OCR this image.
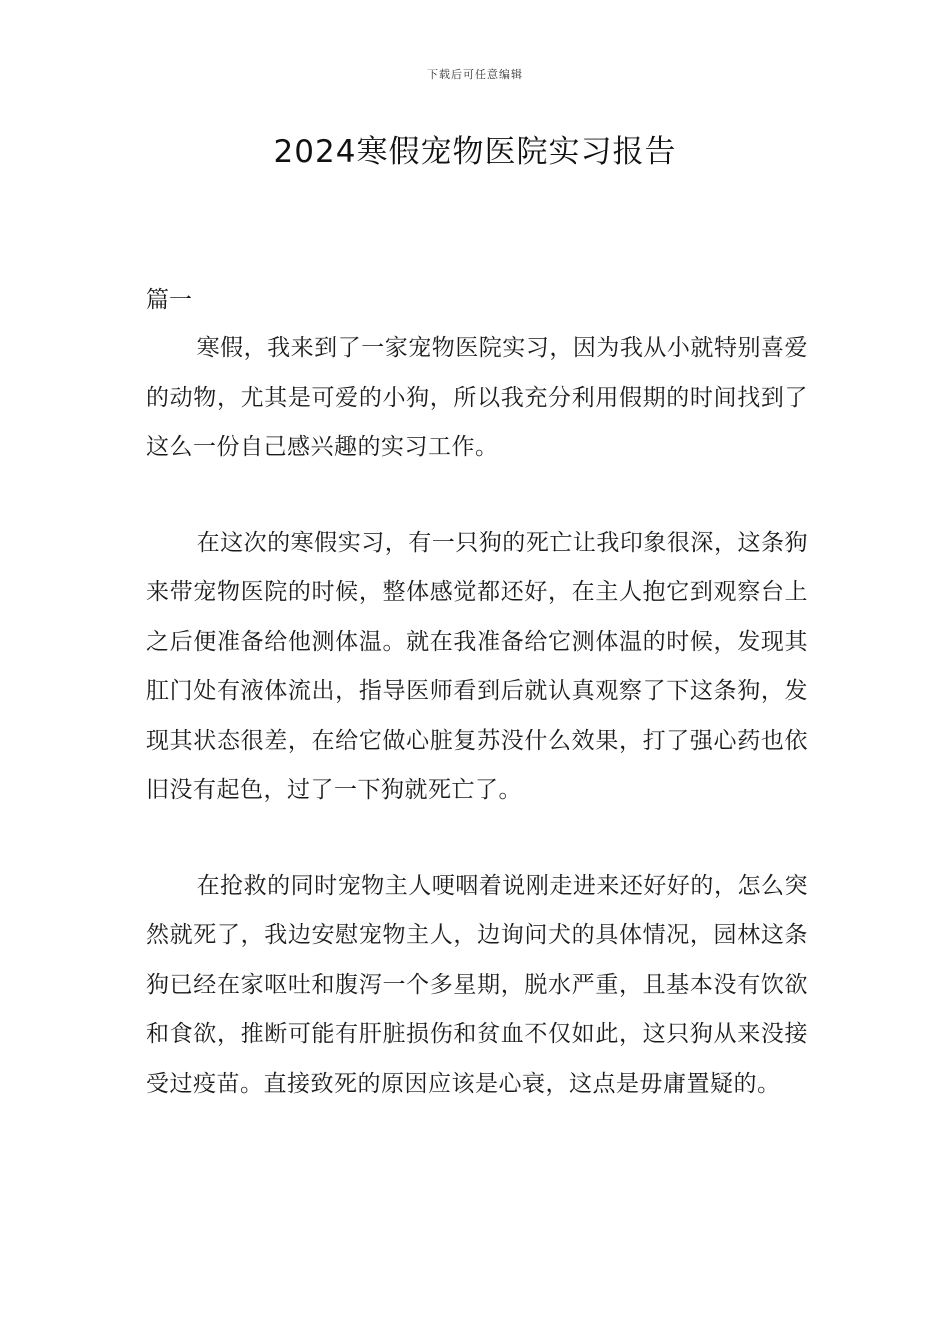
下载后可任意编辑
2024寒假宠物医院实习报告
篇一

寒假，我来到了一家宠物医院实习，因为我从小就特别喜爱的动物，尤其是可爱的小狗，所以我充分利用假期的时间找到了这么一份自己感兴趣的实习工作。

在这次的寒假实习，有一只狗的死亡让我印象很深，这条狗来带宠物医院的时候，整体感觉都还好，在主人抱它到观察台上之后便准备给他测体温。就在我准备给它测体温的时候，发现其肛门处有液体流出，指导医师看到后就认真观察了下这条狗，发现其状态很差，在给它做心脏复苏没什么效果，打了强心药也依旧没有起色，过了一下狗就死亡了。

在抢救的同时宠物主人哽咽着说刚走进来还好好的，怎么突然就死了，我边安慰宠物主人，边询问犬的具体情况，园林这条狗已经在家呕吐和腹泻一个多星期，脱水严重，且基本没有饮欲和食欲，推断可能有肝脏损伤和贫血不仅如此，这只狗从来没接受过疫苗。直接致死的原因应该是心衰，这点是毋庸置疑的。
